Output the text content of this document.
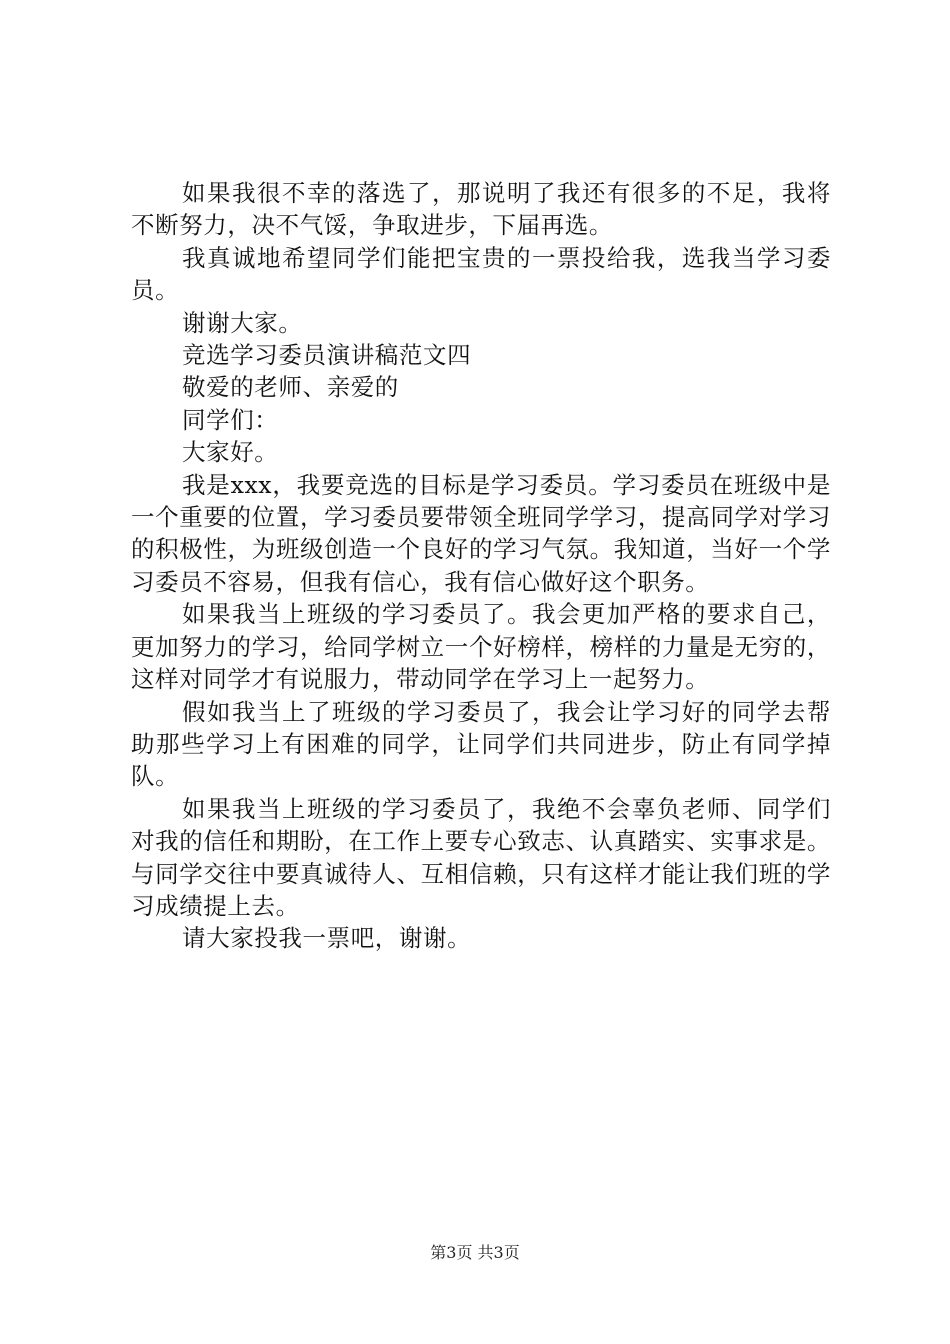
如果我很不幸的落选了，那说明了我还有很多的不足，我将不断努力，决不气馁，争取进步，下届再选。

我真诚地希望同学们能把宝贵的一票投给我，选我当学习委员。

谢谢大家。

竞选学习委员演讲稿范文四

敬爱的老师、亲爱的

同学们：

大家好。

我是xxx，我要竞选的目标是学习委员。学习委员在班级中是一个重要的位置，学习委员要带领全班同学学习，提高同学对学习的积极性，为班级创造一个良好的学习气氛。我知道，当好一个学习委员不容易，但我有信心，我有信心做好这个职务。

如果我当上班级的学习委员了。我会更加严格的要求自己，更加努力的学习，给同学树立一个好榜样，榜样的力量是无穷的，这样对同学才有说服力，带动同学在学习上一起努力。

假如我当上了班级的学习委员了，我会让学习好的同学去帮助那些学习上有困难的同学，让同学们共同进步，防止有同学掉队。

如果我当上班级的学习委员了，我绝不会辜负老师、同学们对我的信任和期盼，在工作上要专心致志、认真踏实、实事求是。与同学交往中要真诚待人、互相信赖，只有这样才能让我们班的学习成绩提上去。

请大家投我一票吧，谢谢。

第3页 共3页
